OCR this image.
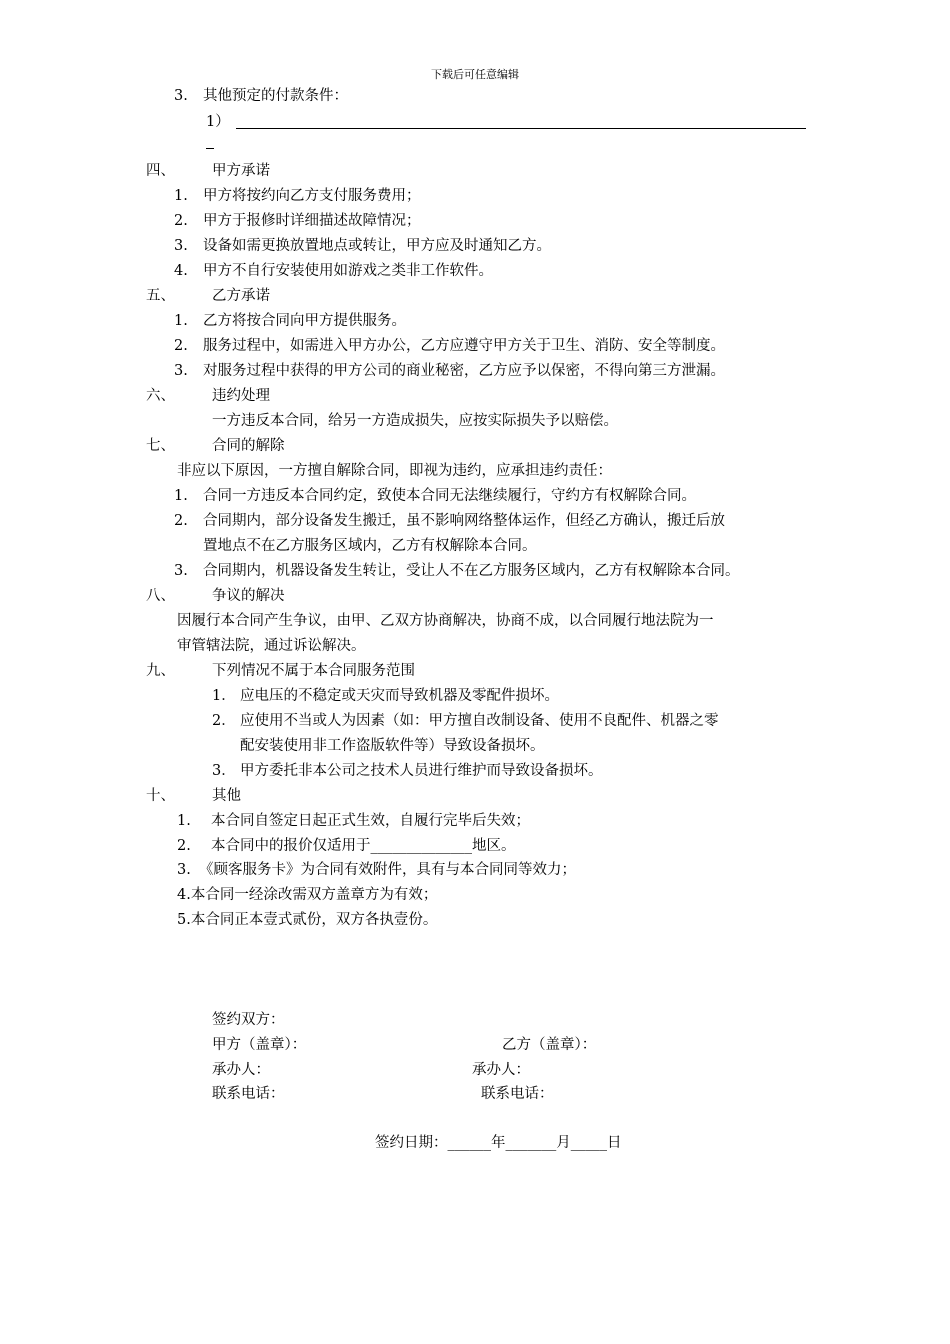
下载后可任意编辑
3. 其他预定的付款条件：
1）
四、	甲方承诺
1. 甲方将按约向乙方支付服务费用；
2. 甲方于报修时详细描述故障情况；
3. 设备如需更换放置地点或转让，甲方应及时通知乙方。
4. 甲方不自行安装使用如游戏之类非工作软件。
五、	乙方承诺
1. 乙方将按合同向甲方提供服务。
2. 服务过程中，如需进入甲方办公，乙方应遵守甲方关于卫生、消防、安全等制度。
3. 对服务过程中获得的甲方公司的商业秘密，乙方应予以保密，不得向第三方泄漏。
六、	违约处理
一方违反本合同，给另一方造成损失，应按实际损失予以赔偿。
七、	合同的解除
非应以下原因，一方擅自解除合同，即视为违约，应承担违约责任：
1. 合同一方违反本合同约定，致使本合同无法继续履行，守约方有权解除合同。
2. 合同期内，部分设备发生搬迁，虽不影响网络整体运作，但经乙方确认，搬迁后放
置地点不在乙方服务区域内，乙方有权解除本合同。
3. 合同期内，机器设备发生转让，受让人不在乙方服务区域内，乙方有权解除本合同。
八、	争议的解决
因履行本合同产生争议，由甲、乙双方协商解决，协商不成，以合同履行地法院为一
审管辖法院，通过诉讼解决。
九、	下列情况不属于本合同服务范围
1． 应电压的不稳定或天灾而导致机器及零配件损坏。
2． 应使用不当或人为因素（如：甲方擅自改制设备、使用不良配件、机器之零
配安装使用非工作盗版软件等）导致设备损坏。
3． 甲方委托非本公司之技术人员进行维护而导致设备损坏。
十、	其他
1. 本合同自签定日起正式生效，自履行完毕后失效；
2. 本合同中的报价仅适用于______________地区。
3. 《顾客服务卡》为合同有效附件，具有与本合同同等效力；
4.本合同一经涂改需双方盖章方为有效；
5.本合同正本壹式贰份，双方各执壹份。
签约双方：
甲方（盖章）：	乙方（盖章）：
承办人：	承办人：
联系电话：	联系电话：
签约日期：______年_______月_____日
